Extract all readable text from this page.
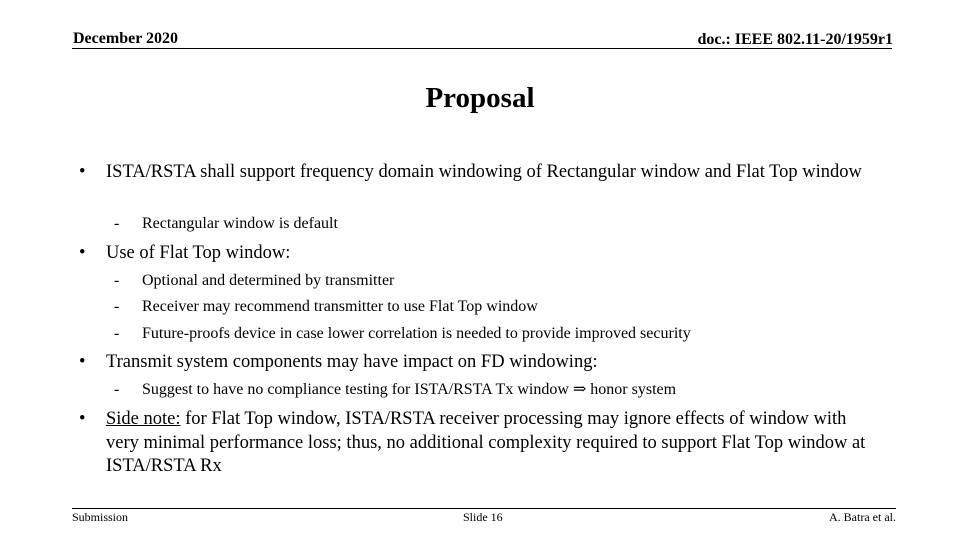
December 2020	doc.: IEEE 802.11-20/1959r1
Proposal
• ISTA/RSTA shall support frequency domain windowing of Rectangular window and Flat Top window
- Rectangular window is default
• Use of Flat Top window:
- Optional and determined by transmitter
- Receiver may recommend transmitter to use Flat Top window
- Future-proofs device in case lower correlation is needed to provide improved security
• Transmit system components may have impact on FD windowing:
- Suggest to have no compliance testing for ISTA/RSTA Tx window ⇒ honor system
• Side note: for Flat Top window, ISTA/RSTA receiver processing may ignore effects of window with very minimal performance loss; thus, no additional complexity required to support Flat Top window at ISTA/RSTA Rx
Submission	Slide 16	A. Batra et al.
